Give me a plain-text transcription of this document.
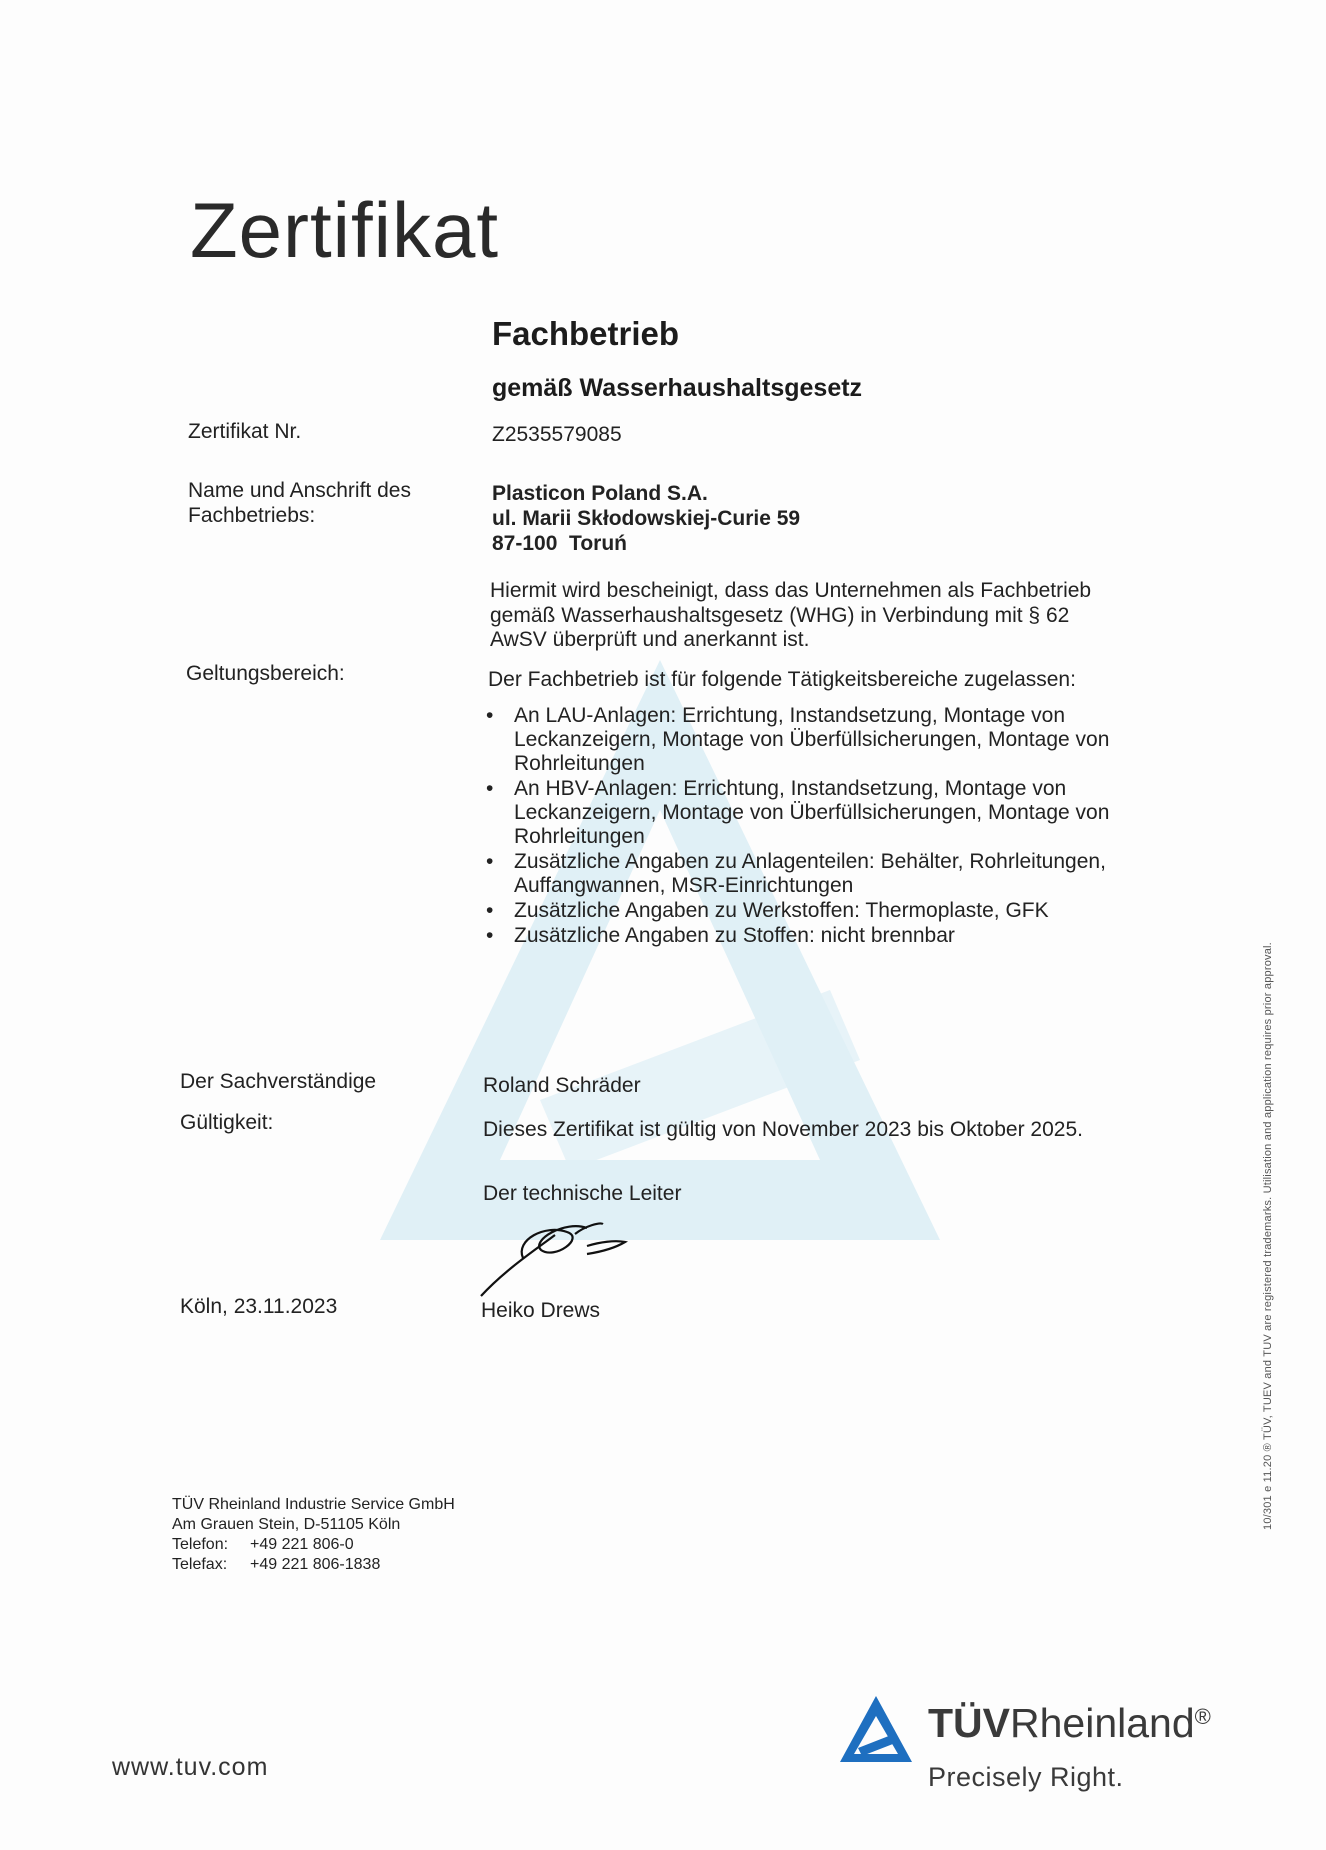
Zertifikat
Fachbetrieb
gemäß Wasserhaushaltsgesetz
Zertifikat Nr.	Z2535579085
Name und Anschrift des
Fachbetriebs:
Plasticon Poland S.A.
ul. Marii Skłodowskiej-Curie 59
87-100  Toruń
Hiermit wird bescheinigt, dass das Unternehmen als Fachbetrieb
gemäß Wasserhaushaltsgesetz (WHG) in Verbindung mit § 62
AwSV überprüft und anerkannt ist.
Geltungsbereich:	Der Fachbetrieb ist für folgende Tätigkeitsbereiche zugelassen:
• An LAU-Anlagen: Errichtung, Instandsetzung, Montage von
Leckanzeigern, Montage von Überfüllsicherungen, Montage von
Rohrleitungen
• An HBV-Anlagen: Errichtung, Instandsetzung, Montage von
Leckanzeigern, Montage von Überfüllsicherungen, Montage von
Rohrleitungen
• Zusätzliche Angaben zu Anlagenteilen: Behälter, Rohrleitungen,
Auffangwannen, MSR-Einrichtungen
• Zusätzliche Angaben zu Werkstoffen: Thermoplaste, GFK
• Zusätzliche Angaben zu Stoffen: nicht brennbar
Der Sachverständige	Roland Schräder
Gültigkeit:	Dieses Zertifikat ist gültig von November 2023 bis Oktober 2025.
Der technische Leiter
Köln, 23.11.2023	Heiko Drews
TÜV Rheinland Industrie Service GmbH
Am Grauen Stein, D-51105 Köln
Telefon: +49 221 806-0
Telefax: +49 221 806-1838
10/301 e 11.20 ® TÜV, TUEV and TUV are registered trademarks. Utilisation and application requires prior approval.
www.tuv.com
TÜVRheinland®
Precisely Right.
